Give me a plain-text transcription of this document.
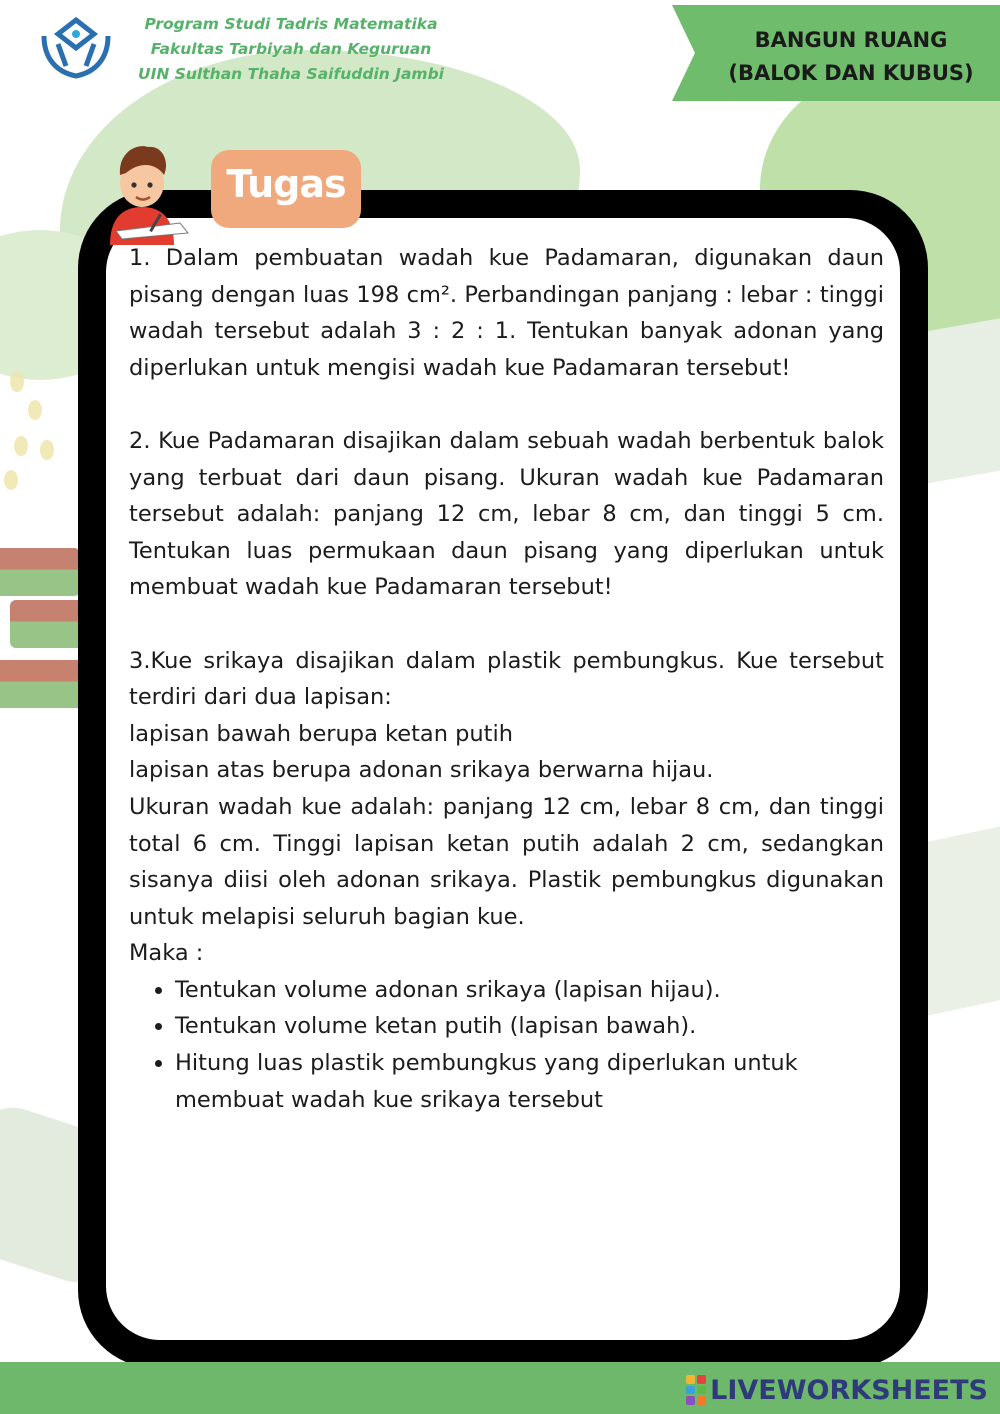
Program Studi Tadris Matematika
Fakultas Tarbiyah dan Keguruan
UIN Sulthan Thaha Saifuddin Jambi
BANGUN RUANG
(BALOK DAN KUBUS)
Tugas

1. Dalam pembuatan wadah kue Padamaran, digunakan daun pisang dengan luas 198 cm². Perbandingan panjang : lebar : tinggi wadah tersebut adalah 3 : 2 : 1. Tentukan banyak adonan yang diperlukan untuk mengisi wadah kue Padamaran tersebut!

2. Kue Padamaran disajikan dalam sebuah wadah berbentuk balok yang terbuat dari daun pisang. Ukuran wadah kue Padamaran tersebut adalah: panjang 12 cm, lebar 8 cm, dan tinggi 5 cm. Tentukan luas permukaan daun pisang yang diperlukan untuk membuat wadah kue Padamaran tersebut!

3.Kue srikaya disajikan dalam plastik pembungkus. Kue tersebut terdiri dari dua lapisan:

lapisan bawah berupa ketan putih

lapisan atas berupa adonan srikaya berwarna hijau.

Ukuran wadah kue adalah: panjang 12 cm, lebar 8 cm, dan tinggi total 6 cm. Tinggi lapisan ketan putih adalah 2 cm, sedangkan sisanya diisi oleh adonan srikaya. Plastik pembungkus digunakan untuk melapisi seluruh bagian kue.

Maka :

• Tentukan volume adonan srikaya (lapisan hijau).
• Tentukan volume ketan putih (lapisan bawah).
• Hitung luas plastik pembungkus yang diperlukan untuk membuat wadah kue srikaya tersebut
LIVEWORKSHEETS
